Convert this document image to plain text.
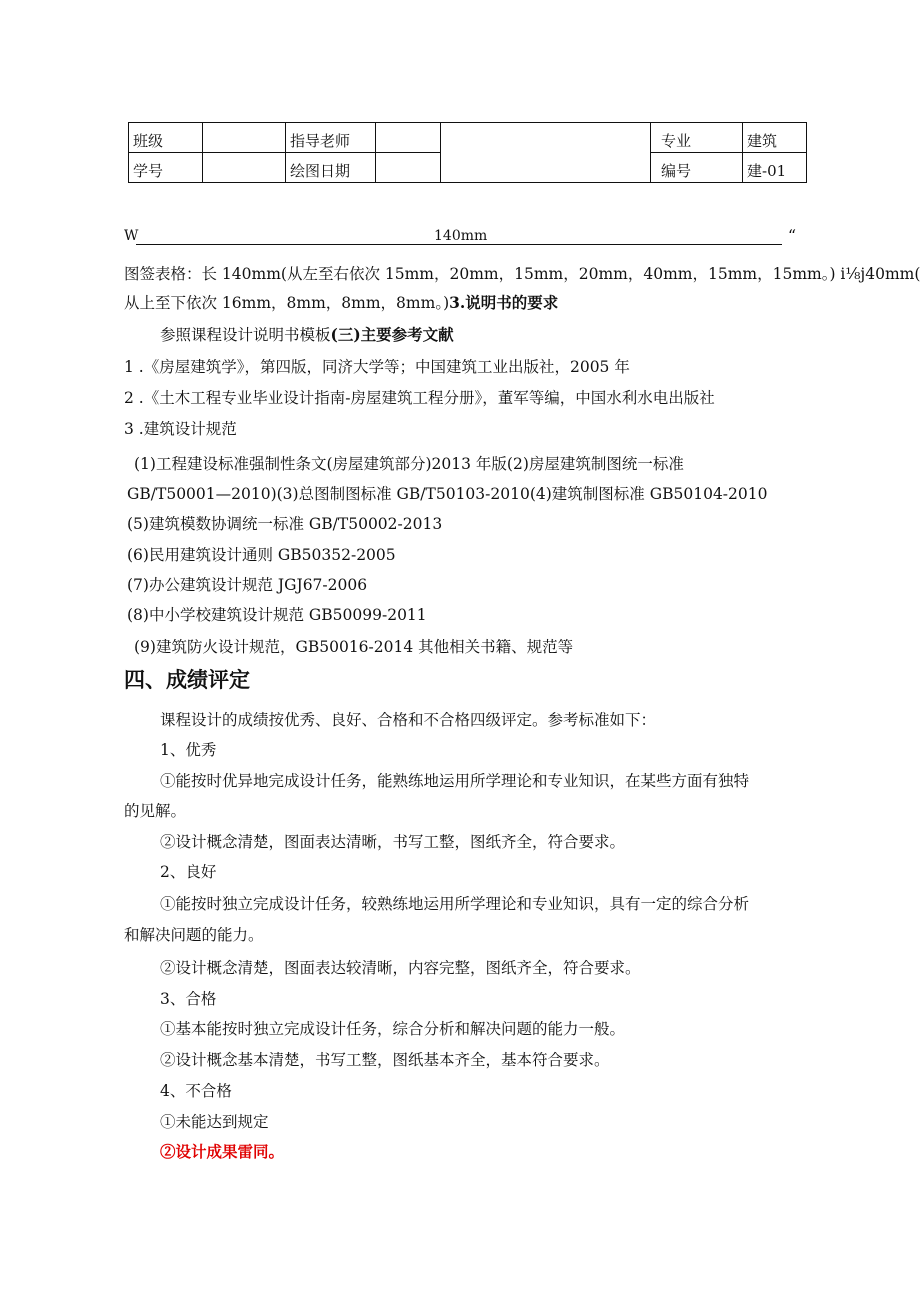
班级		指导老师			专业	建筑
学号		绘图日期			编号	建-01
W	140mm	“
图签表格：长 140mm(从左至右依次 15mm，20mm，15mm，20mm，40mm，15mm，15mm。) i⅛j40mm(
从上至下依次 16mm，8mm，8mm，8mm。)3.说明书的要求
参照课程设计说明书模板(三)主要参考文献
1 .《房屋建筑学》，第四版，同济大学等；中国建筑工业出版社，2005 年
2 .《土木工程专业毕业设计指南-房屋建筑工程分册》，董军等编，中国水利水电出版社
3 .建筑设计规范
(1)工程建设标准强制性条文(房屋建筑部分)2013 年版(2)房屋建筑制图统一标准
GB/T50001—2010)(3)总图制图标准 GB/T50103-2010(4)建筑制图标准 GB50104-2010
(5)建筑模数协调统一标准 GB/T50002-2013
(6)民用建筑设计通则 GB50352-2005
(7)办公建筑设计规范 JGJ67-2006
(8)中小学校建筑设计规范 GB50099-2011
(9)建筑防火设计规范，GB50016-2014 其他相关书籍、规范等
四、成绩评定
课程设计的成绩按优秀、良好、合格和不合格四级评定。参考标准如下：
1、优秀
①能按时优异地完成设计任务，能熟练地运用所学理论和专业知识，在某些方面有独特
的见解。
②设计概念清楚，图面表达清晰，书写工整，图纸齐全，符合要求。
2、良好
①能按时独立完成设计任务，较熟练地运用所学理论和专业知识，具有一定的综合分析
和解决问题的能力。
②设计概念清楚，图面表达较清晰，内容完整，图纸齐全，符合要求。
3、合格
①基本能按时独立完成设计任务，综合分析和解决问题的能力一般。
②设计概念基本清楚，书写工整，图纸基本齐全，基本符合要求。
4、不合格
①未能达到规定
②设计成果雷同。
